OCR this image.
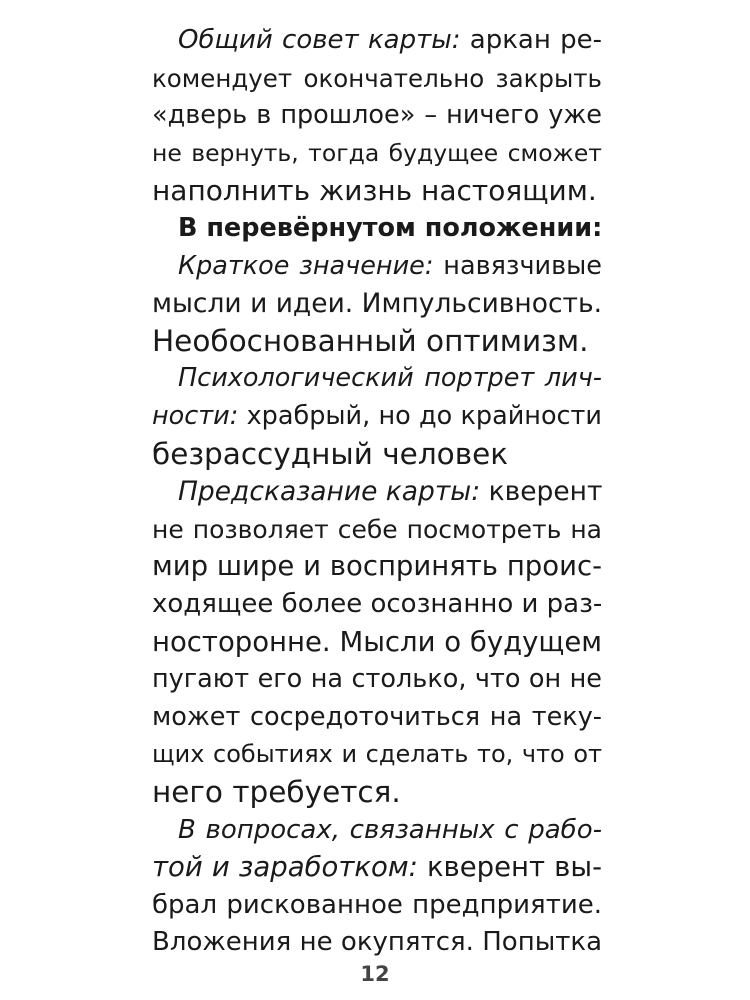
Общий совет карты: аркан ре-
комендует окончательно закрыть
«дверь в прошлое» – ничего уже
не вернуть, тогда будущее сможет
наполнить жизнь настоящим.
В перевёрнутом положении:
Краткое значение: навязчивые
мысли и идеи. Импульсивность.
Необоснованный оптимизм.
Психологический портрет лич-
ности: храбрый, но до крайности
безрассудный человек
Предсказание карты: кверент
не позволяет себе посмотреть на
мир шире и воспринять проис-
ходящее более осознанно и раз-
носторонне. Мысли о будущем
пугают его на столько, что он не
может сосредоточиться на теку-
щих событиях и сделать то, что от
него требуется.
В вопросах, связанных с рабо-
той и заработком: кверент вы-
брал рискованное предприятие.
Вложения не окупятся. Попытка
12
